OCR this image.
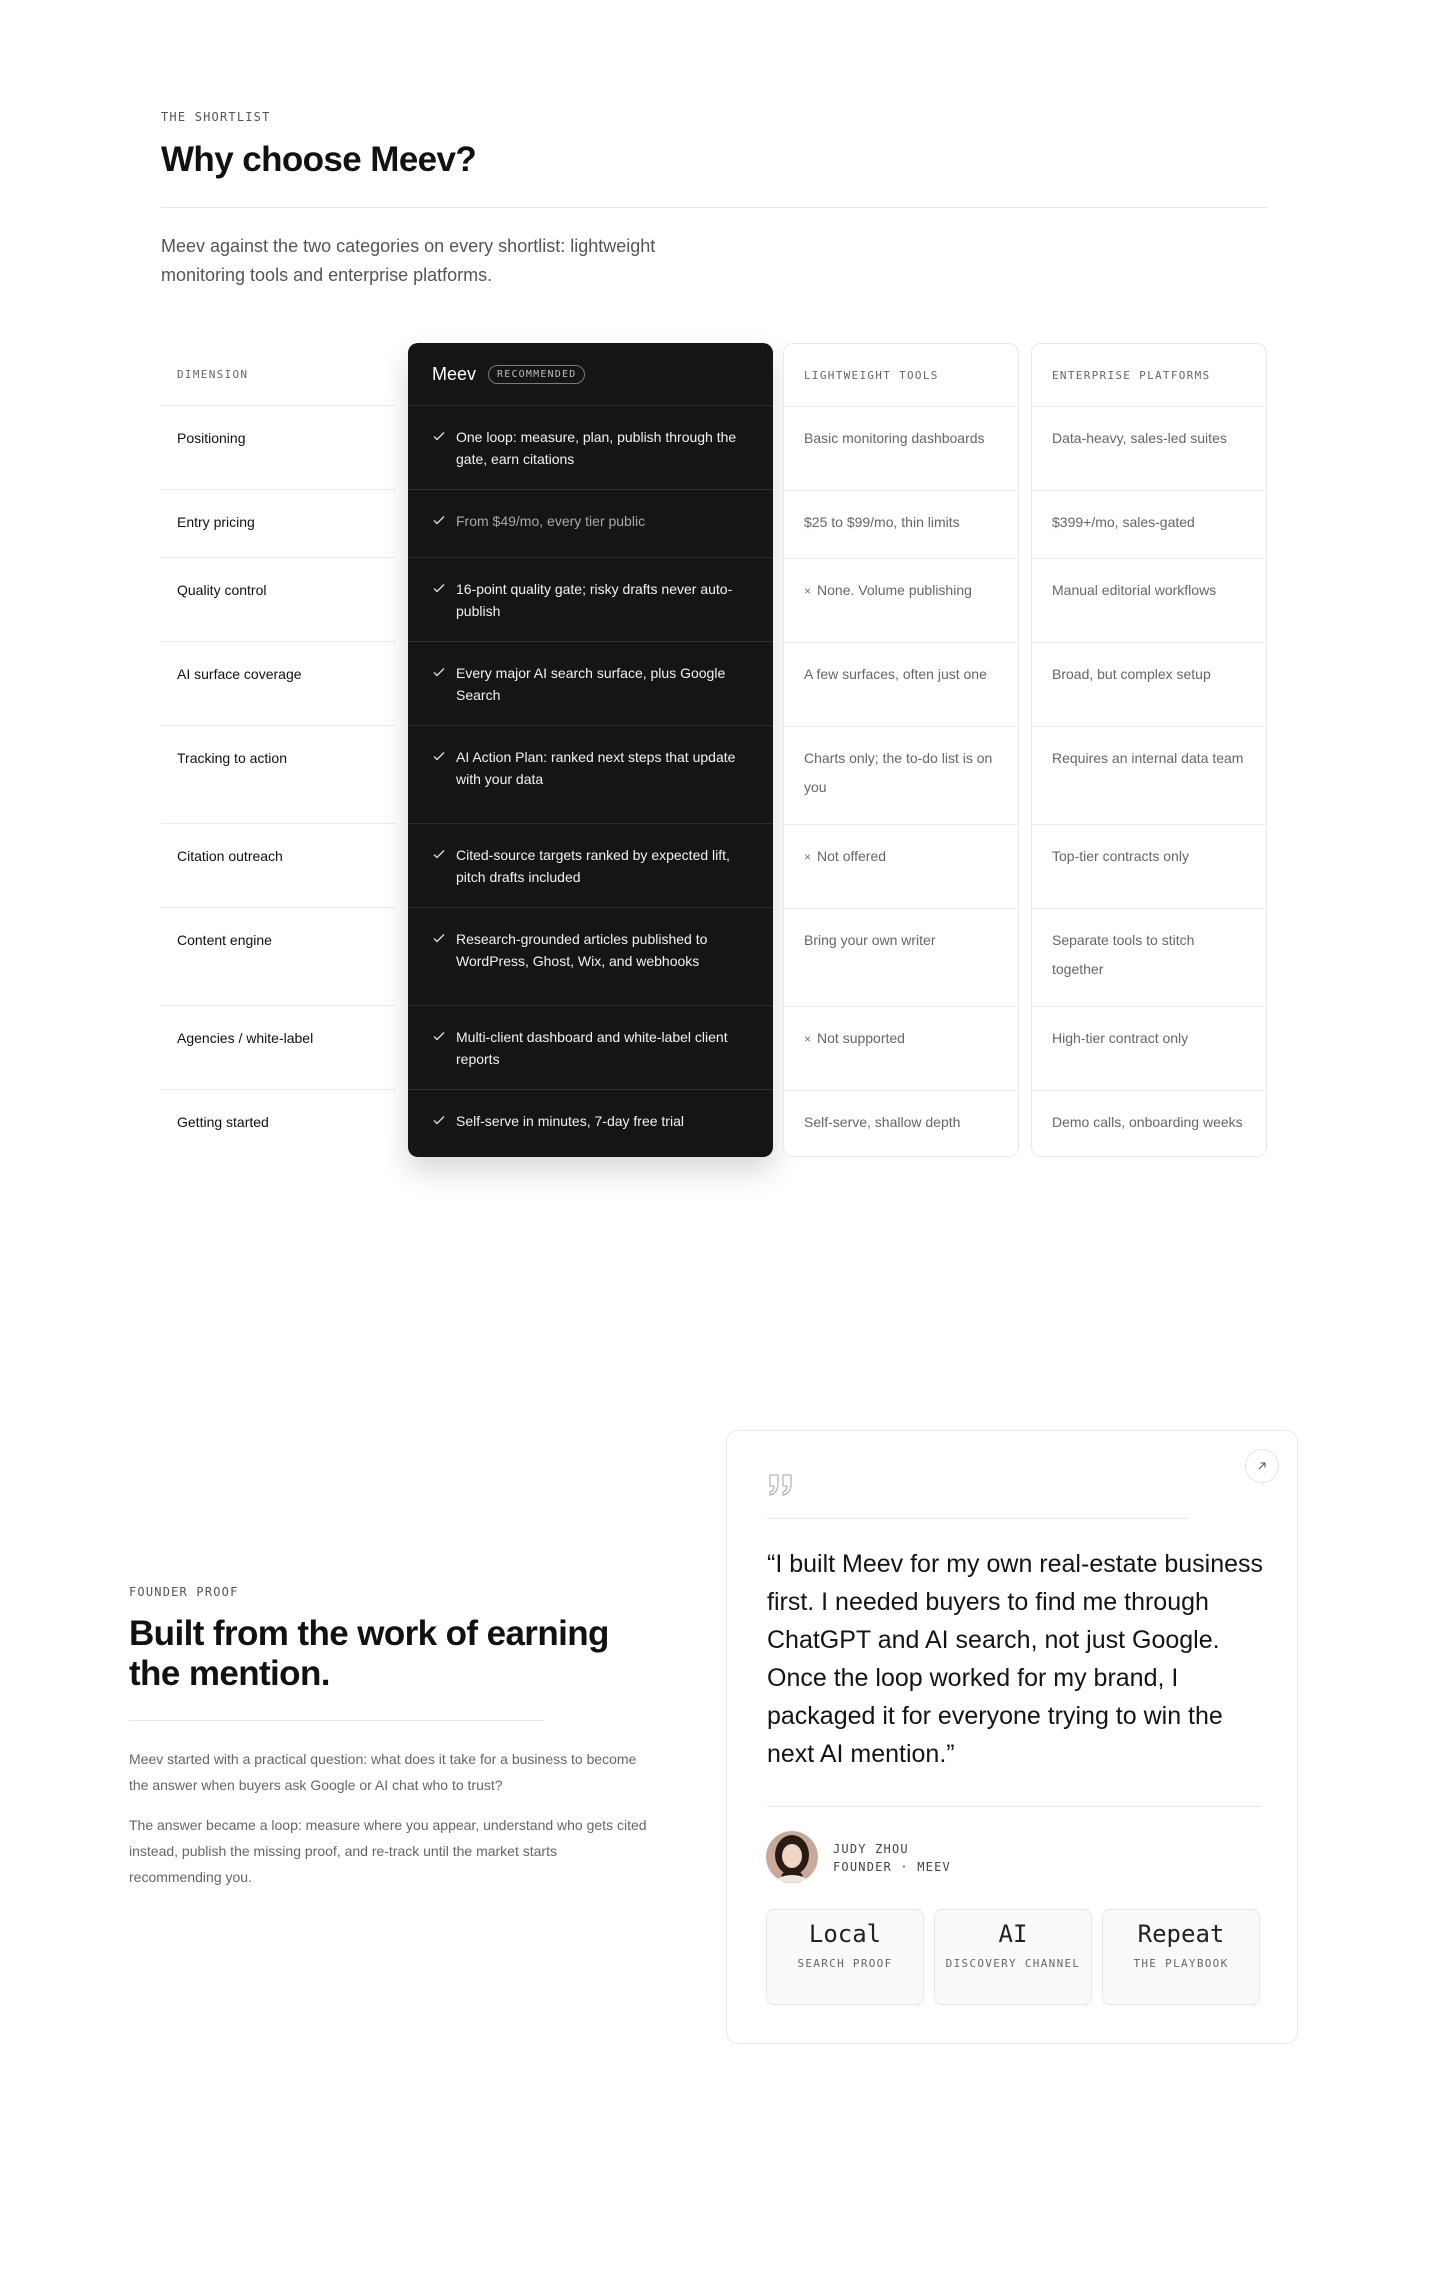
THE SHORTLIST
Why choose Meev?

Meev against the two categories on every shortlist: lightweight monitoring tools and enterprise platforms.

DIMENSION
Positioning
Entry pricing
Quality control
AI surface coverage
Tracking to action
Citation outreach
Content engine
Agencies / white-label
Getting started
Meev	RECOMMENDED
One loop: measure, plan, publish through the gate, earn citations
From $49/mo, every tier public
16-point quality gate; risky drafts never auto-publish
Every major AI search surface, plus Google Search
AI Action Plan: ranked next steps that update with your data
Cited-source targets ranked by expected lift, pitch drafts included
Research-grounded articles published to WordPress, Ghost, Wix, and webhooks
Multi-client dashboard and white-label client reports
Self-serve in minutes, 7-day free trial
LIGHTWEIGHT TOOLS
Basic monitoring dashboards
$25 to $99/mo, thin limits
× None. Volume publishing
A few surfaces, often just one
Charts only; the to-do list is on you
× Not offered
Bring your own writer
× Not supported
Self-serve, shallow depth
ENTERPRISE PLATFORMS
Data-heavy, sales-led suites
$399+/mo, sales-gated
Manual editorial workflows
Broad, but complex setup
Requires an internal data team
Top-tier contracts only
Separate tools to stitch together
High-tier contract only
Demo calls, onboarding weeks
FOUNDER PROOF
Built from the work of earning the mention.

Meev started with a practical question: what does it take for a business to become the answer when buyers ask Google or AI chat who to trust?

The answer became a loop: measure where you appear, understand who gets cited instead, publish the missing proof, and re-track until the market starts recommending you.

“I built Meev for my own real-estate business first. I needed buyers to find me through ChatGPT and AI search, not just Google. Once the loop worked for my brand, I packaged it for everyone trying to win the next AI mention.”

JUDY ZHOU
FOUNDER · MEEV
Local
SEARCH PROOF
AI
DISCOVERY CHANNEL
Repeat
THE PLAYBOOK
